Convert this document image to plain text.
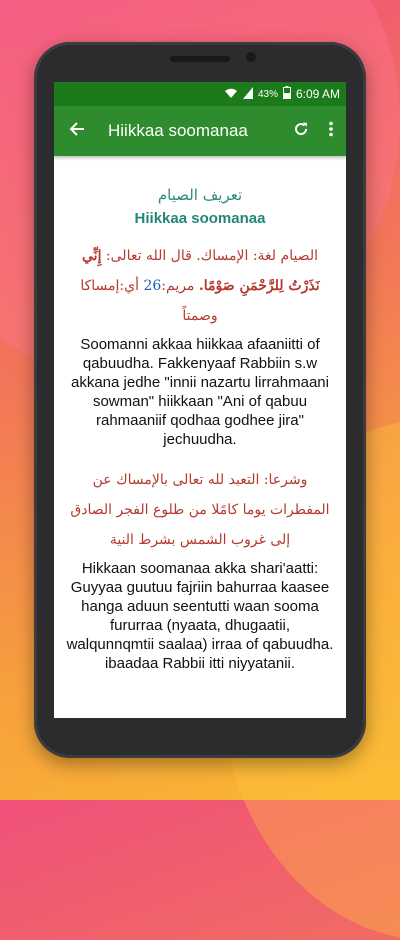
43% 6:09 AM
Hiikkaa soomanaa
تعريف الصيام
Hiikkaa soomanaa
الصيام لغة: الإمساك. قال الله تعالى: إِنِّي نَذَرْتُ لِلرَّحْمَنِ صَوْمًا. مريم:26 أي:إمساكا وصمتاً
Soomanni akkaa hiikkaa afaaniitti of qabuudha. Fakkenyaaf Rabbiin s.w akkana jedhe "innii nazartu lirrahmaani sowman" hiikkaan "Ani of qabuu rahmaaniif qodhaa godhee jira" jechuudha.
وشرعا: التعبد لله تعالى بالإمساك عن المفطرات يوما كامًلا من طلوع الفجر الصادق إلى غروب الشمس بشرط النية
Hikkaan soomanaa akka shari'aatti: Guyyaa guutuu fajriin bahurraa kaasee hanga aduun seentutti waan sooma fururraa (nyaata, dhugaatii, walqunnqmtii saalaa) irraa of qabuudha. ibaadaa Rabbii itti niyyatanii.
